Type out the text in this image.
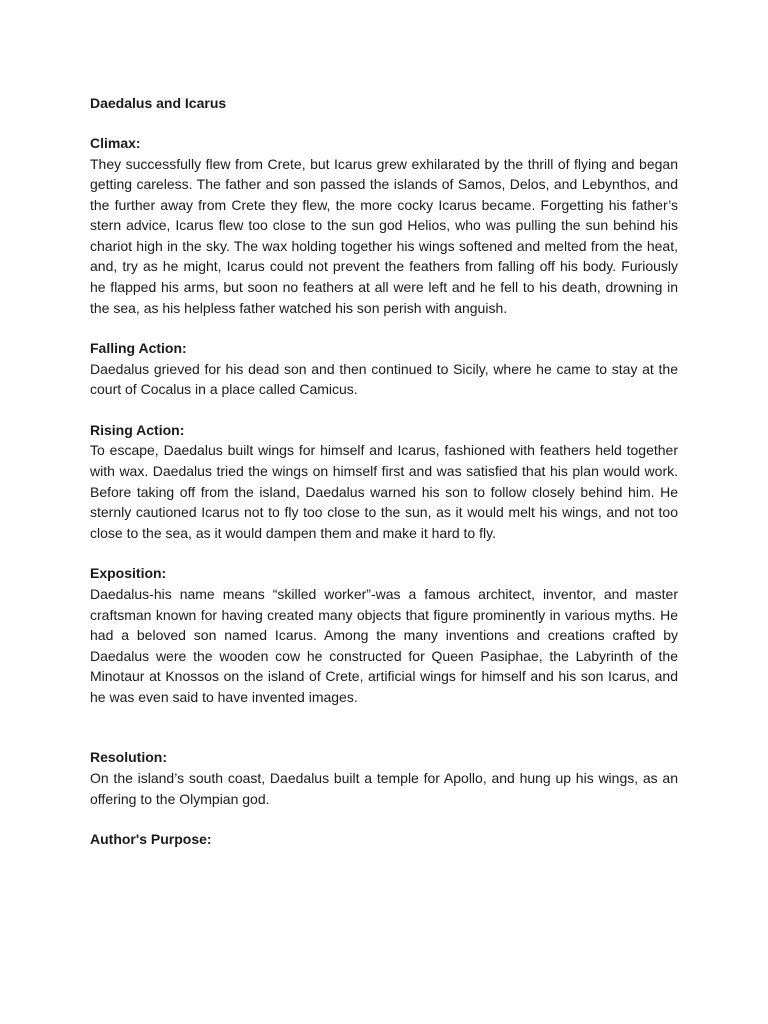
Daedalus and Icarus

Climax:

They successfully flew from Crete, but Icarus grew exhilarated by the thrill of flying and began getting careless. The father and son passed the islands of Samos, Delos, and Lebynthos, and the further away from Crete they flew, the more cocky Icarus became. Forgetting his father’s stern advice, Icarus flew too close to the sun god Helios, who was pulling the sun behind his chariot high in the sky. The wax holding together his wings softened and melted from the heat, and, try as he might, Icarus could not prevent the feathers from falling off his body. Furiously he flapped his arms, but soon no feathers at all were left and he fell to his death, drowning in the sea, as his helpless father watched his son perish with anguish.

Falling Action:

Daedalus grieved for his dead son and then continued to Sicily, where he came to stay at the court of Cocalus in a place called Camicus.

Rising Action:

To escape, Daedalus built wings for himself and Icarus, fashioned with feathers held together with wax. Daedalus tried the wings on himself first and was satisfied that his plan would work. Before taking off from the island, Daedalus warned his son to follow closely behind him. He sternly cautioned Icarus not to fly too close to the sun, as it would melt his wings, and not too close to the sea, as it would dampen them and make it hard to fly.

Exposition:

Daedalus-his name means “skilled worker”-was a famous architect, inventor, and master craftsman known for having created many objects that figure prominently in various myths. He had a beloved son named Icarus. Among the many inventions and creations crafted by Daedalus were the wooden cow he constructed for Queen Pasiphae, the Labyrinth of the Minotaur at Knossos on the island of Crete, artificial wings for himself and his son Icarus, and he was even said to have invented images.

Resolution:

On the island’s south coast, Daedalus built a temple for Apollo, and hung up his wings, as an offering to the Olympian god.

Author's Purpose:
